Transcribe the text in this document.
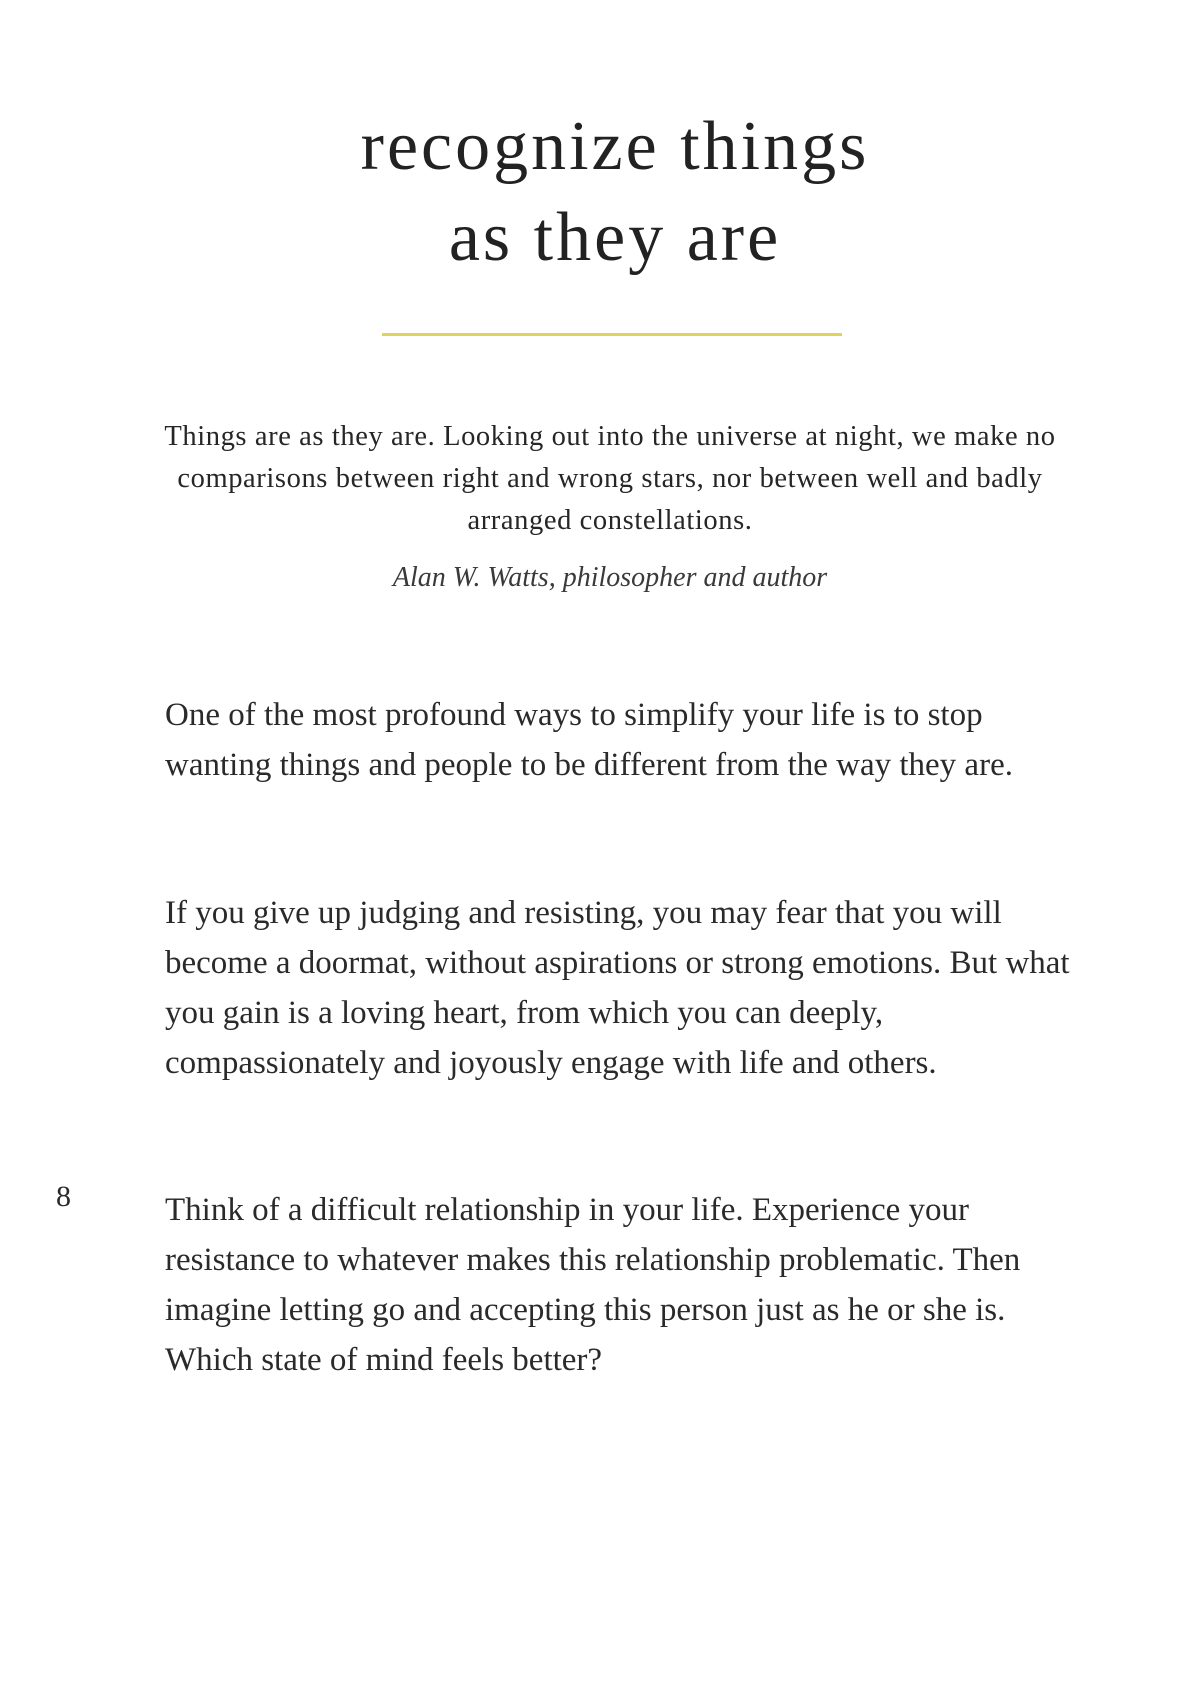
recognize things
as they are

Things are as they are. Looking out into the universe at night, we make no comparisons between right and wrong stars, nor between well and badly arranged constellations.

Alan W. Watts, philosopher and author

One of the most profound ways to simplify your life is to stop wanting things and people to be different from the way they are.

If you give up judging and resisting, you may fear that you will become a doormat, without aspirations or strong emotions. But what you gain is a loving heart, from which you can deeply, compassionately and joyously engage with life and others.

Think of a difficult relationship in your life. Experience your resistance to whatever makes this relationship problematic. Then imagine letting go and accepting this person just as he or she is. Which state of mind feels better?

8
